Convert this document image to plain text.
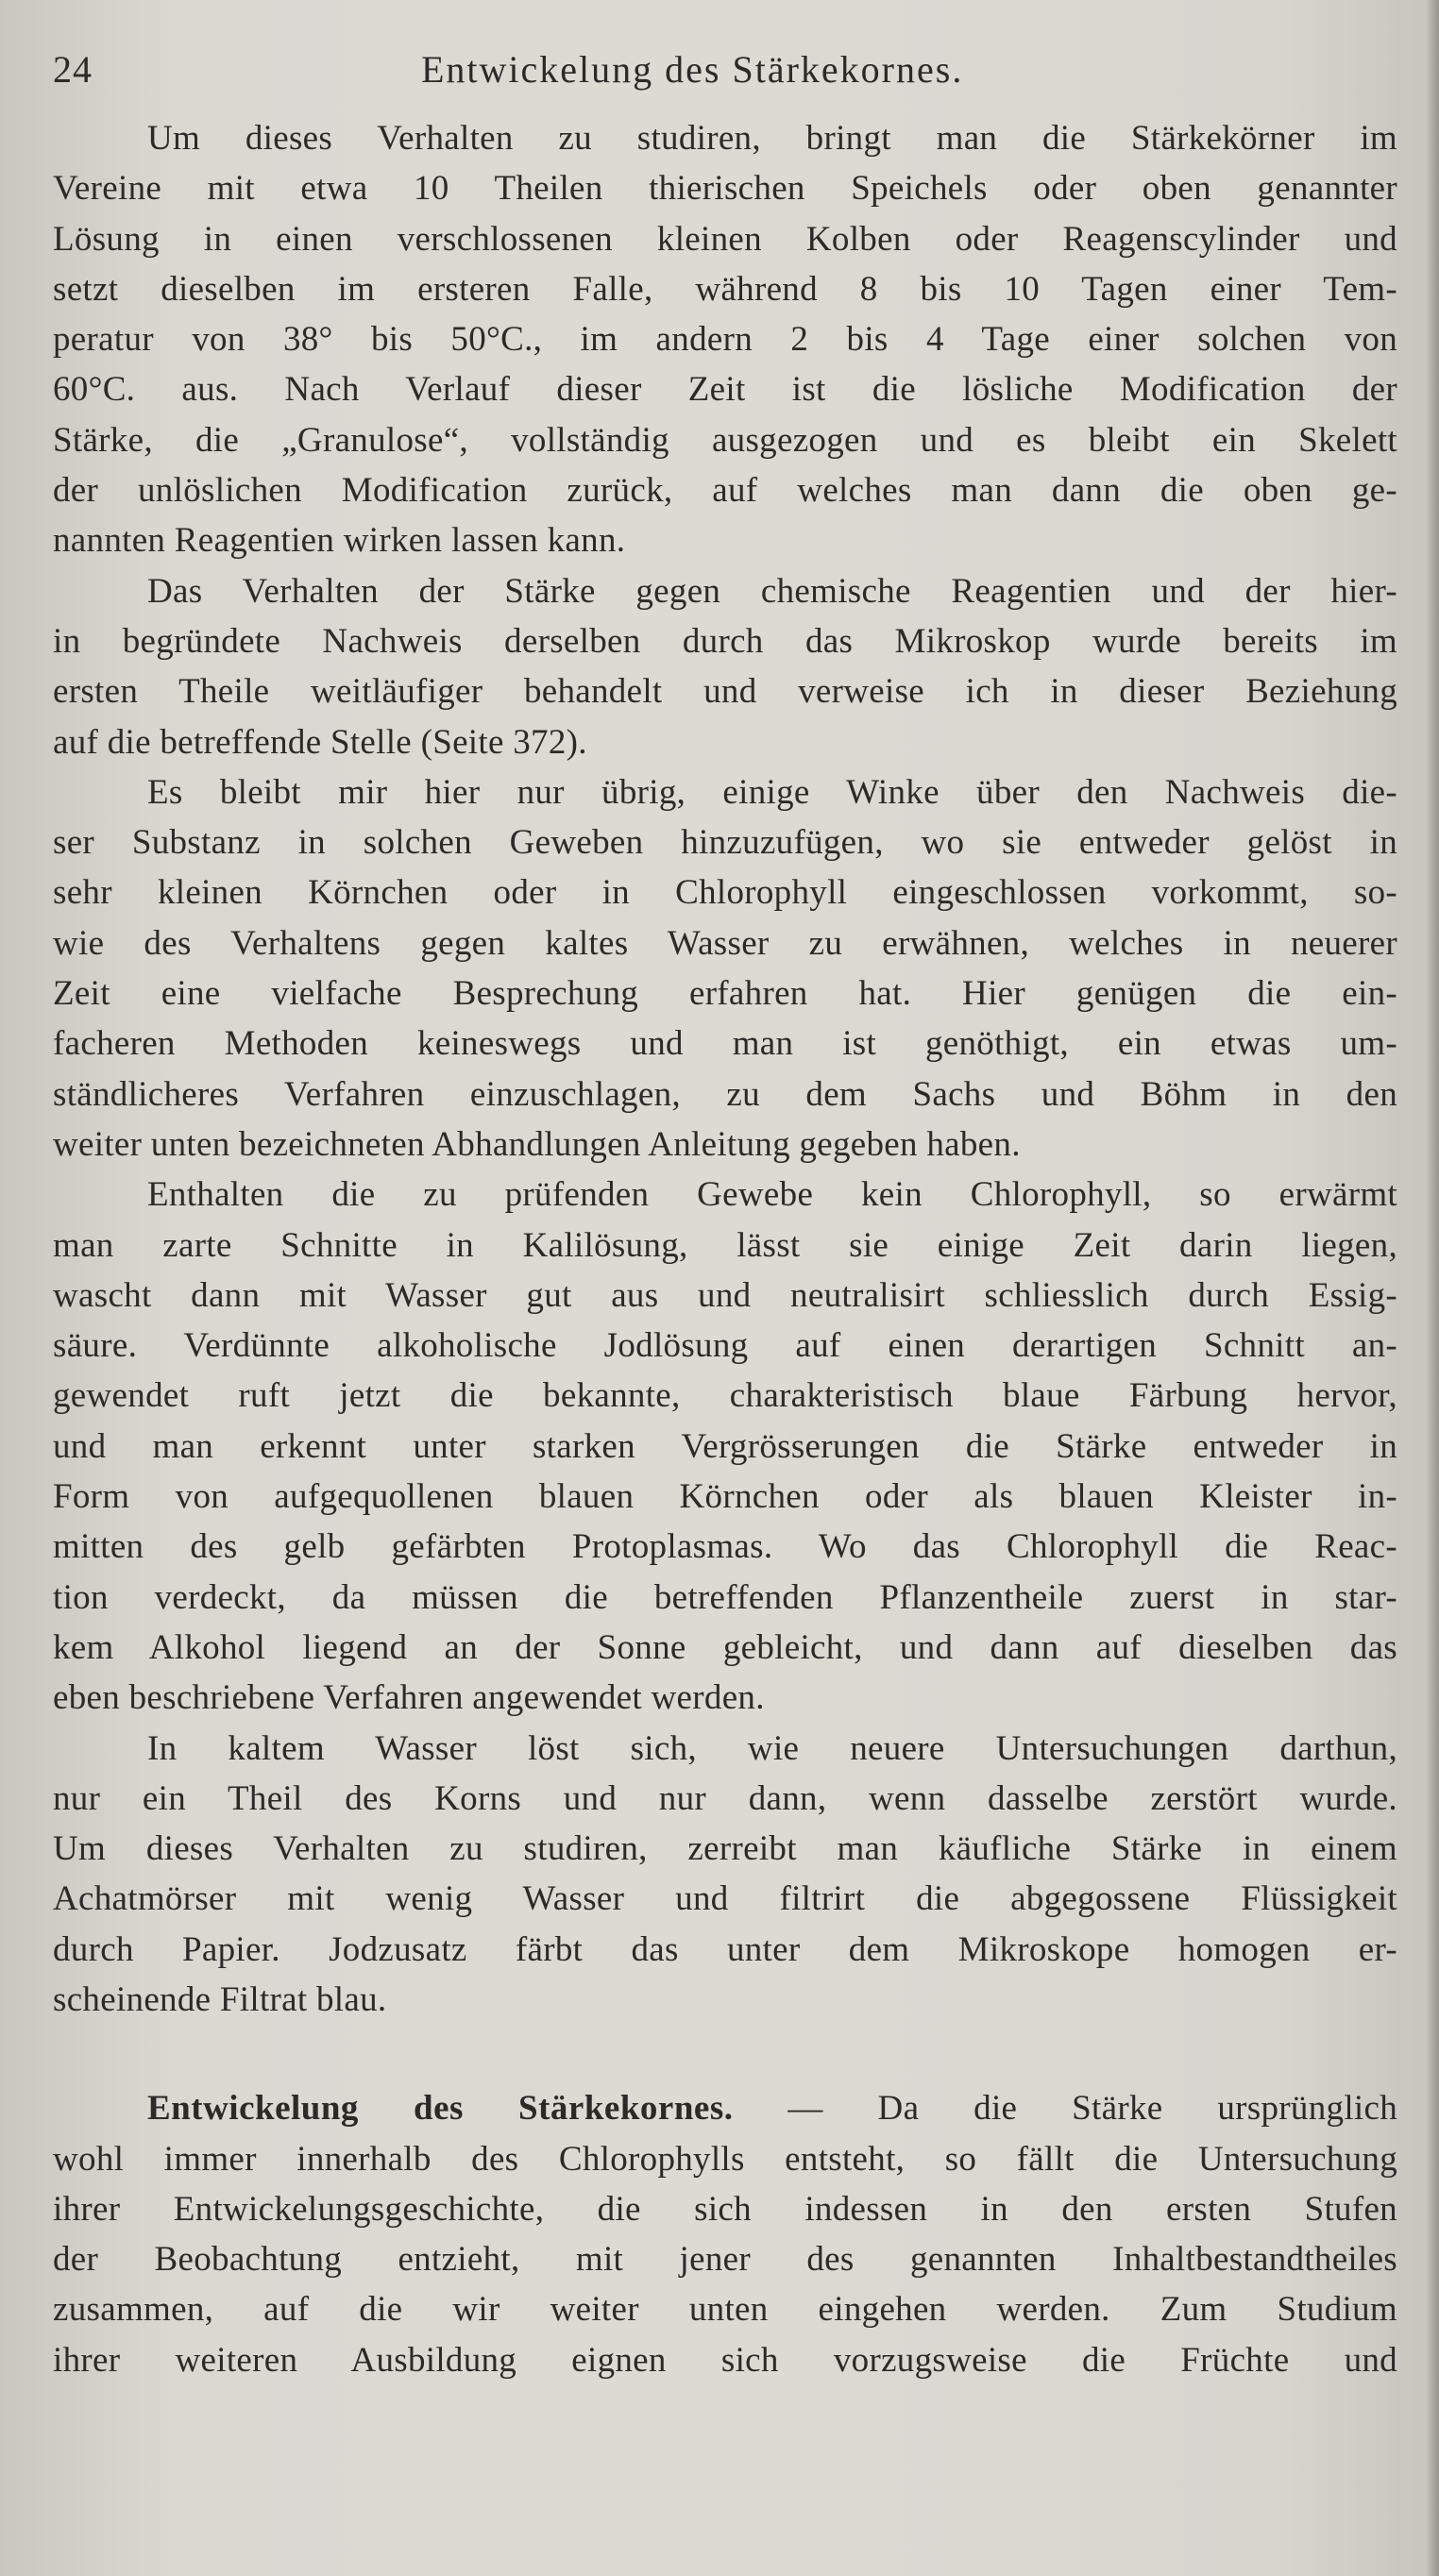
24	Entwickelung des Stärkekornes.
Um dieses Verhalten zu studiren, bringt man die Stärkekörner im
Vereine mit etwa 10 Theilen thierischen Speichels oder oben genannter
Lösung in einen verschlossenen kleinen Kolben oder Reagenscylinder und
setzt dieselben im ersteren Falle, während 8 bis 10 Tagen einer Tem-
peratur von 38° bis 50°C., im andern 2 bis 4 Tage einer solchen von
60°C. aus. Nach Verlauf dieser Zeit ist die lösliche Modification der
Stärke, die „Granulose“, vollständig ausgezogen und es bleibt ein Skelett
der unlöslichen Modification zurück, auf welches man dann die oben ge-
nannten Reagentien wirken lassen kann.
Das Verhalten der Stärke gegen chemische Reagentien und der hier-
in begründete Nachweis derselben durch das Mikroskop wurde bereits im
ersten Theile weitläufiger behandelt und verweise ich in dieser Beziehung
auf die betreffende Stelle (Seite 372).
Es bleibt mir hier nur übrig, einige Winke über den Nachweis die-
ser Substanz in solchen Geweben hinzuzufügen, wo sie entweder gelöst in
sehr kleinen Körnchen oder in Chlorophyll eingeschlossen vorkommt, so-
wie des Verhaltens gegen kaltes Wasser zu erwähnen, welches in neuerer
Zeit eine vielfache Besprechung erfahren hat. Hier genügen die ein-
facheren Methoden keineswegs und man ist genöthigt, ein etwas um-
ständlicheres Verfahren einzuschlagen, zu dem Sachs und Böhm in den
weiter unten bezeichneten Abhandlungen Anleitung gegeben haben.
Enthalten die zu prüfenden Gewebe kein Chlorophyll, so erwärmt
man zarte Schnitte in Kalilösung, lässt sie einige Zeit darin liegen,
wascht dann mit Wasser gut aus und neutralisirt schliesslich durch Essig-
säure. Verdünnte alkoholische Jodlösung auf einen derartigen Schnitt an-
gewendet ruft jetzt die bekannte, charakteristisch blaue Färbung hervor,
und man erkennt unter starken Vergrösserungen die Stärke entweder in
Form von aufgequollenen blauen Körnchen oder als blauen Kleister in-
mitten des gelb gefärbten Protoplasmas. Wo das Chlorophyll die Reac-
tion verdeckt, da müssen die betreffenden Pflanzentheile zuerst in star-
kem Alkohol liegend an der Sonne gebleicht, und dann auf dieselben das
eben beschriebene Verfahren angewendet werden.
In kaltem Wasser löst sich, wie neuere Untersuchungen darthun,
nur ein Theil des Korns und nur dann, wenn dasselbe zerstört wurde.
Um dieses Verhalten zu studiren, zerreibt man käufliche Stärke in einem
Achatmörser mit wenig Wasser und filtrirt die abgegossene Flüssigkeit
durch Papier. Jodzusatz färbt das unter dem Mikroskope homogen er-
scheinende Filtrat blau.
Entwickelung des Stärkekornes. — Da die Stärke ursprünglich
wohl immer innerhalb des Chlorophylls entsteht, so fällt die Untersuchung
ihrer Entwickelungsgeschichte, die sich indessen in den ersten Stufen
der Beobachtung entzieht, mit jener des genannten Inhaltbestandtheiles
zusammen, auf die wir weiter unten eingehen werden. Zum Studium
ihrer weiteren Ausbildung eignen sich vorzugsweise die Früchte und
